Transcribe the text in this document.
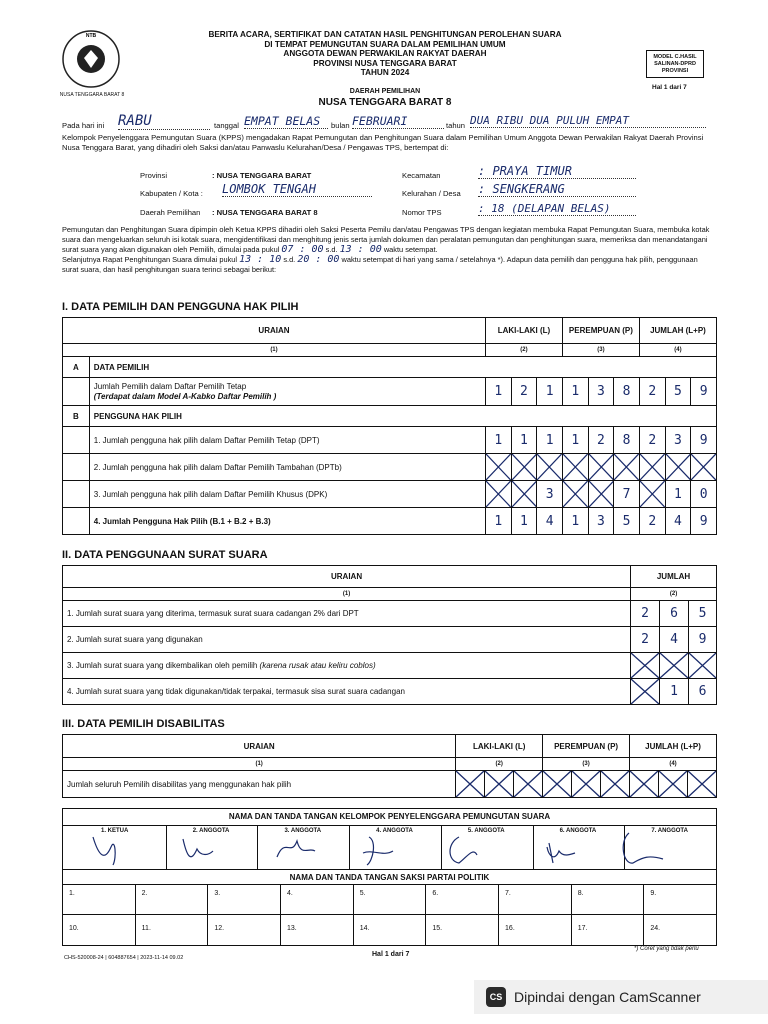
NTB
NUSA TENGGARA BARAT 8
BERITA ACARA, SERTIFIKAT DAN CATATAN HASIL PENGHITUNGAN PEROLEHAN SUARA
DI TEMPAT PEMUNGUTAN SUARA DALAM PEMILIHAN UMUM
ANGGOTA DEWAN PERWAKILAN RAKYAT DAERAH
PROVINSI NUSA TENGGARA BARAT
TAHUN 2024
MODEL C.HASIL
SALINAN-DPRD
PROVINSI
Hal 1 dari 7
DAERAH PEMILIHAN
NUSA TENGGARA BARAT 8
Pada hari ini RABU	tanggal EMPAT BELAS	bulan FEBRUARI	tahun DUA RIBU DUA PULUH EMPAT
Kelompok Penyelenggara Pemungutan Suara (KPPS) mengadakan Rapat Pemungutan dan Penghitungan Suara dalam Pemilihan Umum Anggota Dewan Perwakilan Rakyat Daerah Provinsi Nusa Tenggara Barat, yang dihadiri oleh Saksi dan/atau Panwaslu Kelurahan/Desa / Pengawas TPS, bertempat di:
Provinsi	: NUSA TENGGARA BARAT
Kabupaten / Kota : LOMBOK TENGAH
Daerah Pemilihan : NUSA TENGGARA BARAT 8
Kecamatan	: PRAYA TIMUR
Kelurahan / Desa : SENGKERANG
Nomor TPS	: 18 (DELAPAN BELAS)
Pemungutan dan Penghitungan Suara dipimpin oleh Ketua KPPS dihadiri oleh Saksi Peserta Pemilu dan/atau Pengawas TPS dengan kegiatan membuka Rapat Pemungutan Suara, membuka kotak suara dan mengeluarkan seluruh isi kotak suara, mengidentifikasi dan menghitung jenis serta jumlah dokumen dan peralatan pemungutan dan penghitungan suara, memeriksa dan menandatangani surat suara yang akan digunakan oleh Pemilih, dimulai pada pukul 07 : 00 s.d. 13 : 00 waktu setempat.
Selanjutnya Rapat Penghitungan Suara dimulai pukul 13 : 10 s.d. 20 : 00 waktu setempat di hari yang sama / setelahnya *). Adapun data pemilih dan pengguna hak pilih, penggunaan surat suara, dan hasil penghitungan suara terinci sebagai berikut:
I. DATA PEMILIH DAN PENGGUNA HAK PILIH
URAIAN		LAKI-LAKI (L)			PEREMPUAN (P)			JUMLAH (L+P)		
(1)		(2)			(3)			(4)		
A	DATA PEMILIH									

	Jumlah Pemilih dalam Daftar Pemilih Tetap
(Terdapat dalam Model A-Kabko Daftar Pemilih )	1	2	1	1	3	8	2	5	9
B	PENGGUNA HAK PILIH									
	1. Jumlah pengguna hak pilih dalam Daftar Pemilih Tetap (DPT)	1	1	1	1	2	8	2	3	9
	2. Jumlah pengguna hak pilih dalam Daftar Pemilih Tambahan (DPTb)	

	3. Jumlah pengguna hak pilih dalam Daftar Pemilih Khusus (DPK)			3			7		1	0
	4. Jumlah Pengguna Hak Pilih (B.1 + B.2 + B.3)	1	1	4	1	3	5	2	4	9
II. DATA PENGGUNAAN SURAT SUARA
URAIAN	JUMLAH		
(1)	(2)		
1. Jumlah surat suara yang diterima, termasuk surat suara cadangan 2% dari DPT	2	6	5
2. Jumlah surat suara yang digunakan	2	4	9
3. Jumlah surat suara yang dikembalikan oleh pemilih (karena rusak atau keliru coblos)	

4. Jumlah surat suara yang tidak digunakan/tidak terpakai, termasuk sisa surat suara cadangan		1	6
III. DATA PEMILIH DISABILITAS
URAIAN	LAKI-LAKI (L)			PEREMPUAN (P)			JUMLAH (L+P)		
(1)	(2)			(3)			(4)		
Jumlah seluruh Pemilih disabilitas yang menggunakan hak pilih	

NAMA DAN TANDA TANGAN KELOMPOK PENYELENGGARA PEMUNGUTAN SUARA
1. KETUA	2. ANGGOTA	3. ANGGOTA	4. ANGGOTA	5. ANGGOTA	6. ANGGOTA	7. ANGGOTA
NAMA DAN TANDA TANGAN SAKSI PARTAI POLITIK
1.	2.	3.	4.	5.	6.	7.	8.	9.
10.	11.	12.	13.	14.	15.	16.	17.	24.
CHS-520008-24 | 604887654 | 2023-11-14 09.02	Hal 1 dari 7
*) Coret yang tidak perlu
CS Dipindai dengan CamScanner
